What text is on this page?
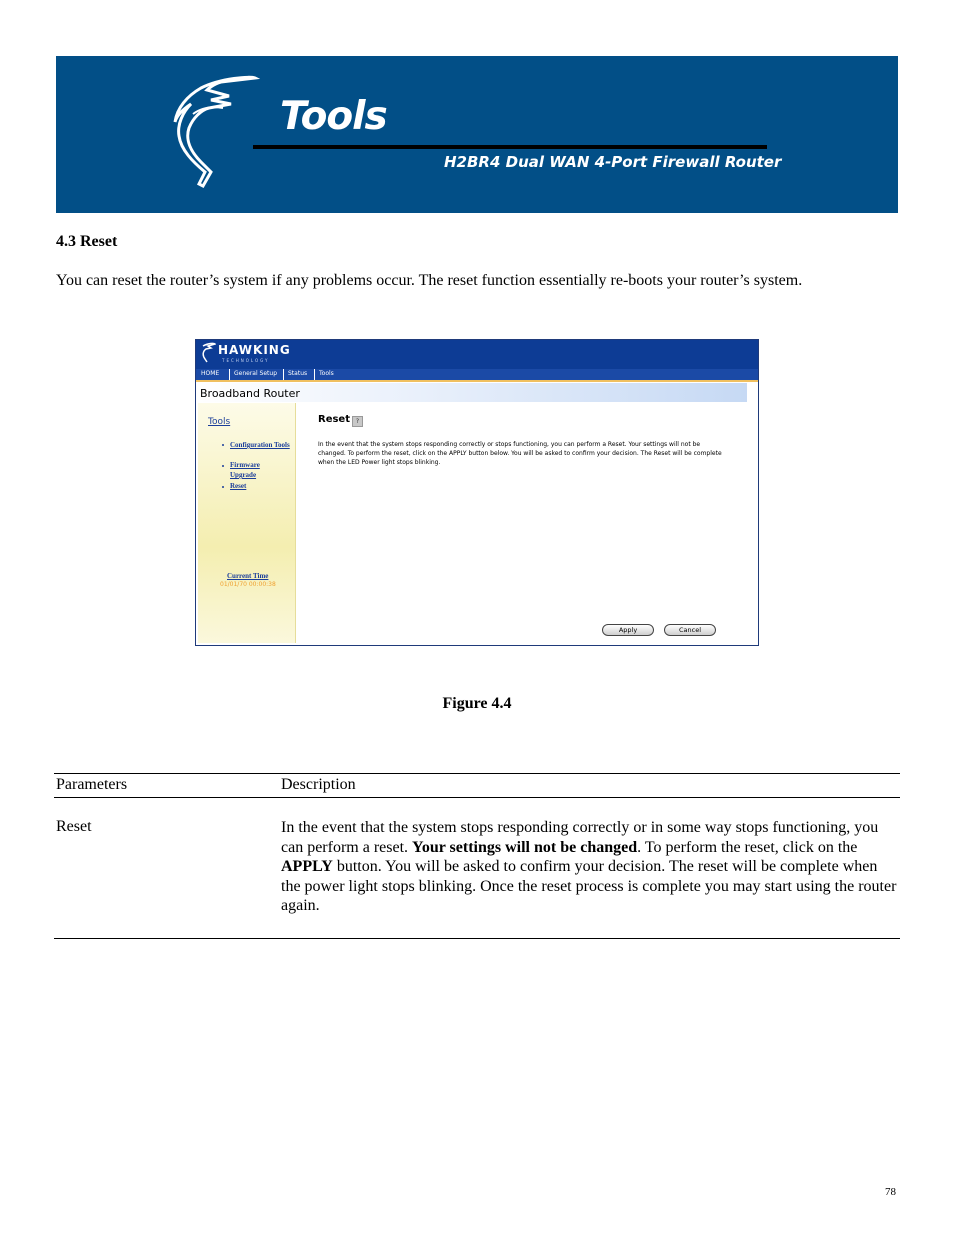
Tools
H2BR4 Dual WAN 4-Port Firewall Router
4.3 Reset
You can reset the router’s system if any problems occur. The reset function essentially re-boots your router’s system.
HAWKING
TECHNOLOGY
HOME General Setup Status Tools
Broadband Router
Tools
Configuration Tools
Firmware
Upgrade
Reset
Current Time
01/01/70 00:00:38
Reset ?
In the event that the system stops responding correctly or stops functioning, you can perform a Reset. Your settings will not be changed. To perform the reset, click on the APPLY button below. You will be asked to confirm your decision. The Reset will be complete when the LED Power light stops blinking.
Apply	Cancel
Figure 4.4
Parameters	Description
Reset	In the event that the system stops responding correctly or in some way stops functioning, you can perform a reset. Your settings will not be changed. To perform the reset, click on the APPLY button. You will be asked to confirm your decision. The reset will be complete when the power light stops blinking. Once the reset process is complete you may start using the router again.
78
